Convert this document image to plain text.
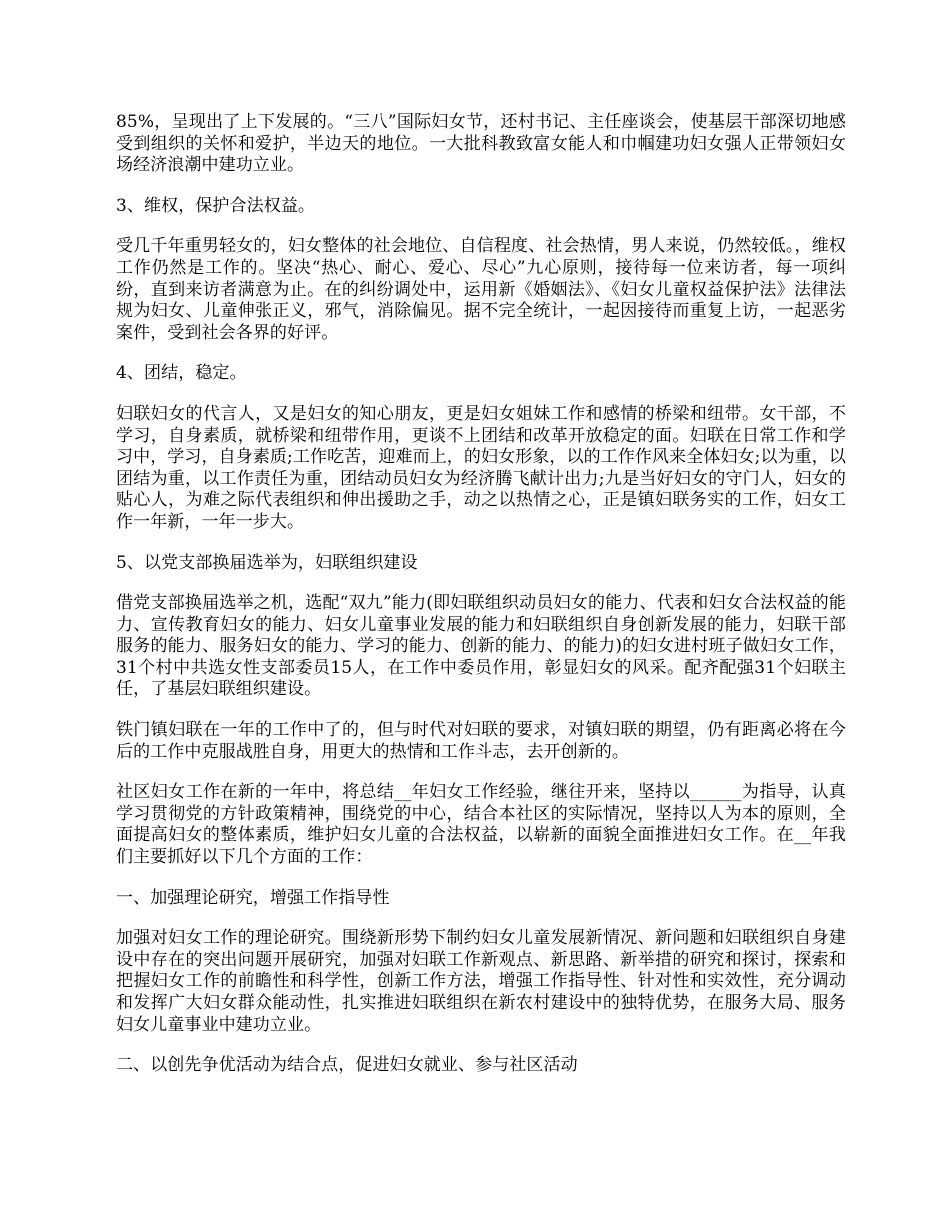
85%，呈现出了上下发展的。“三八”国际妇女节，还村书记、主任座谈会，使基层干部深切地感受到组织的关怀和爱护，半边天的地位。一大批科教致富女能人和巾帼建功妇女强人正带领妇女场经济浪潮中建功立业。

3、维权，保护合法权益。

受几千年重男轻女的，妇女整体的社会地位、自信程度、社会热情，男人来说，仍然较低。，维权工作仍然是工作的。坚决“热心、耐心、爱心、尽心”九心原则，接待每一位来访者，每一项纠纷，直到来访者满意为止。在的纠纷调处中，运用新《婚姻法》、《妇女儿童权益保护法》法律法规为妇女、儿童伸张正义，邪气，消除偏见。据不完全统计，一起因接待而重复上访，一起恶劣案件，受到社会各界的好评。

4、团结，稳定。

妇联妇女的代言人，又是妇女的知心朋友，更是妇女姐妹工作和感情的桥梁和纽带。女干部，不学习，自身素质，就桥梁和纽带作用，更谈不上团结和改革开放稳定的面。妇联在日常工作和学习中，学习，自身素质;工作吃苦，迎难而上，的妇女形象，以的工作作风来全体妇女;以为重，以团结为重，以工作责任为重，团结动员妇女为经济腾飞献计出力;九是当好妇女的守门人，妇女的贴心人，为难之际代表组织和伸出援助之手，动之以热情之心，正是镇妇联务实的工作，妇女工作一年新，一年一步大。

5、以党支部换届选举为，妇联组织建设

借党支部换届选举之机，选配“双九”能力(即妇联组织动员妇女的能力、代表和妇女合法权益的能力、宣传教育妇女的能力、妇女儿童事业发展的能力和妇联组织自身创新发展的能力，妇联干部服务的能力、服务妇女的能力、学习的能力、创新的能力、的能力)的妇女进村班子做妇女工作，31个村中共选女性支部委员15人，在工作中委员作用，彰显妇女的风采。配齐配强31个妇联主任，了基层妇联组织建设。

铁门镇妇联在一年的工作中了的，但与时代对妇联的要求，对镇妇联的期望，仍有距离必将在今后的工作中克服战胜自身，用更大的热情和工作斗志，去开创新的。

社区妇女工作在新的一年中，将总结__年妇女工作经验，继往开来，坚持以______为指导，认真学习贯彻党的方针政策精神，围绕党的中心，结合本社区的实际情况，坚持以人为本的原则，全面提高妇女的整体素质，维护妇女儿童的合法权益，以崭新的面貌全面推进妇女工作。在__年我们主要抓好以下几个方面的工作：

一、加强理论研究，增强工作指导性

加强对妇女工作的理论研究。围绕新形势下制约妇女儿童发展新情况、新问题和妇联组织自身建设中存在的突出问题开展研究，加强对妇联工作新观点、新思路、新举措的研究和探讨，探索和把握妇女工作的前瞻性和科学性，创新工作方法，增强工作指导性、针对性和实效性，充分调动和发挥广大妇女群众能动性，扎实推进妇联组织在新农村建设中的独特优势，在服务大局、服务妇女儿童事业中建功立业。

二、以创先争优活动为结合点，促进妇女就业、参与社区活动
